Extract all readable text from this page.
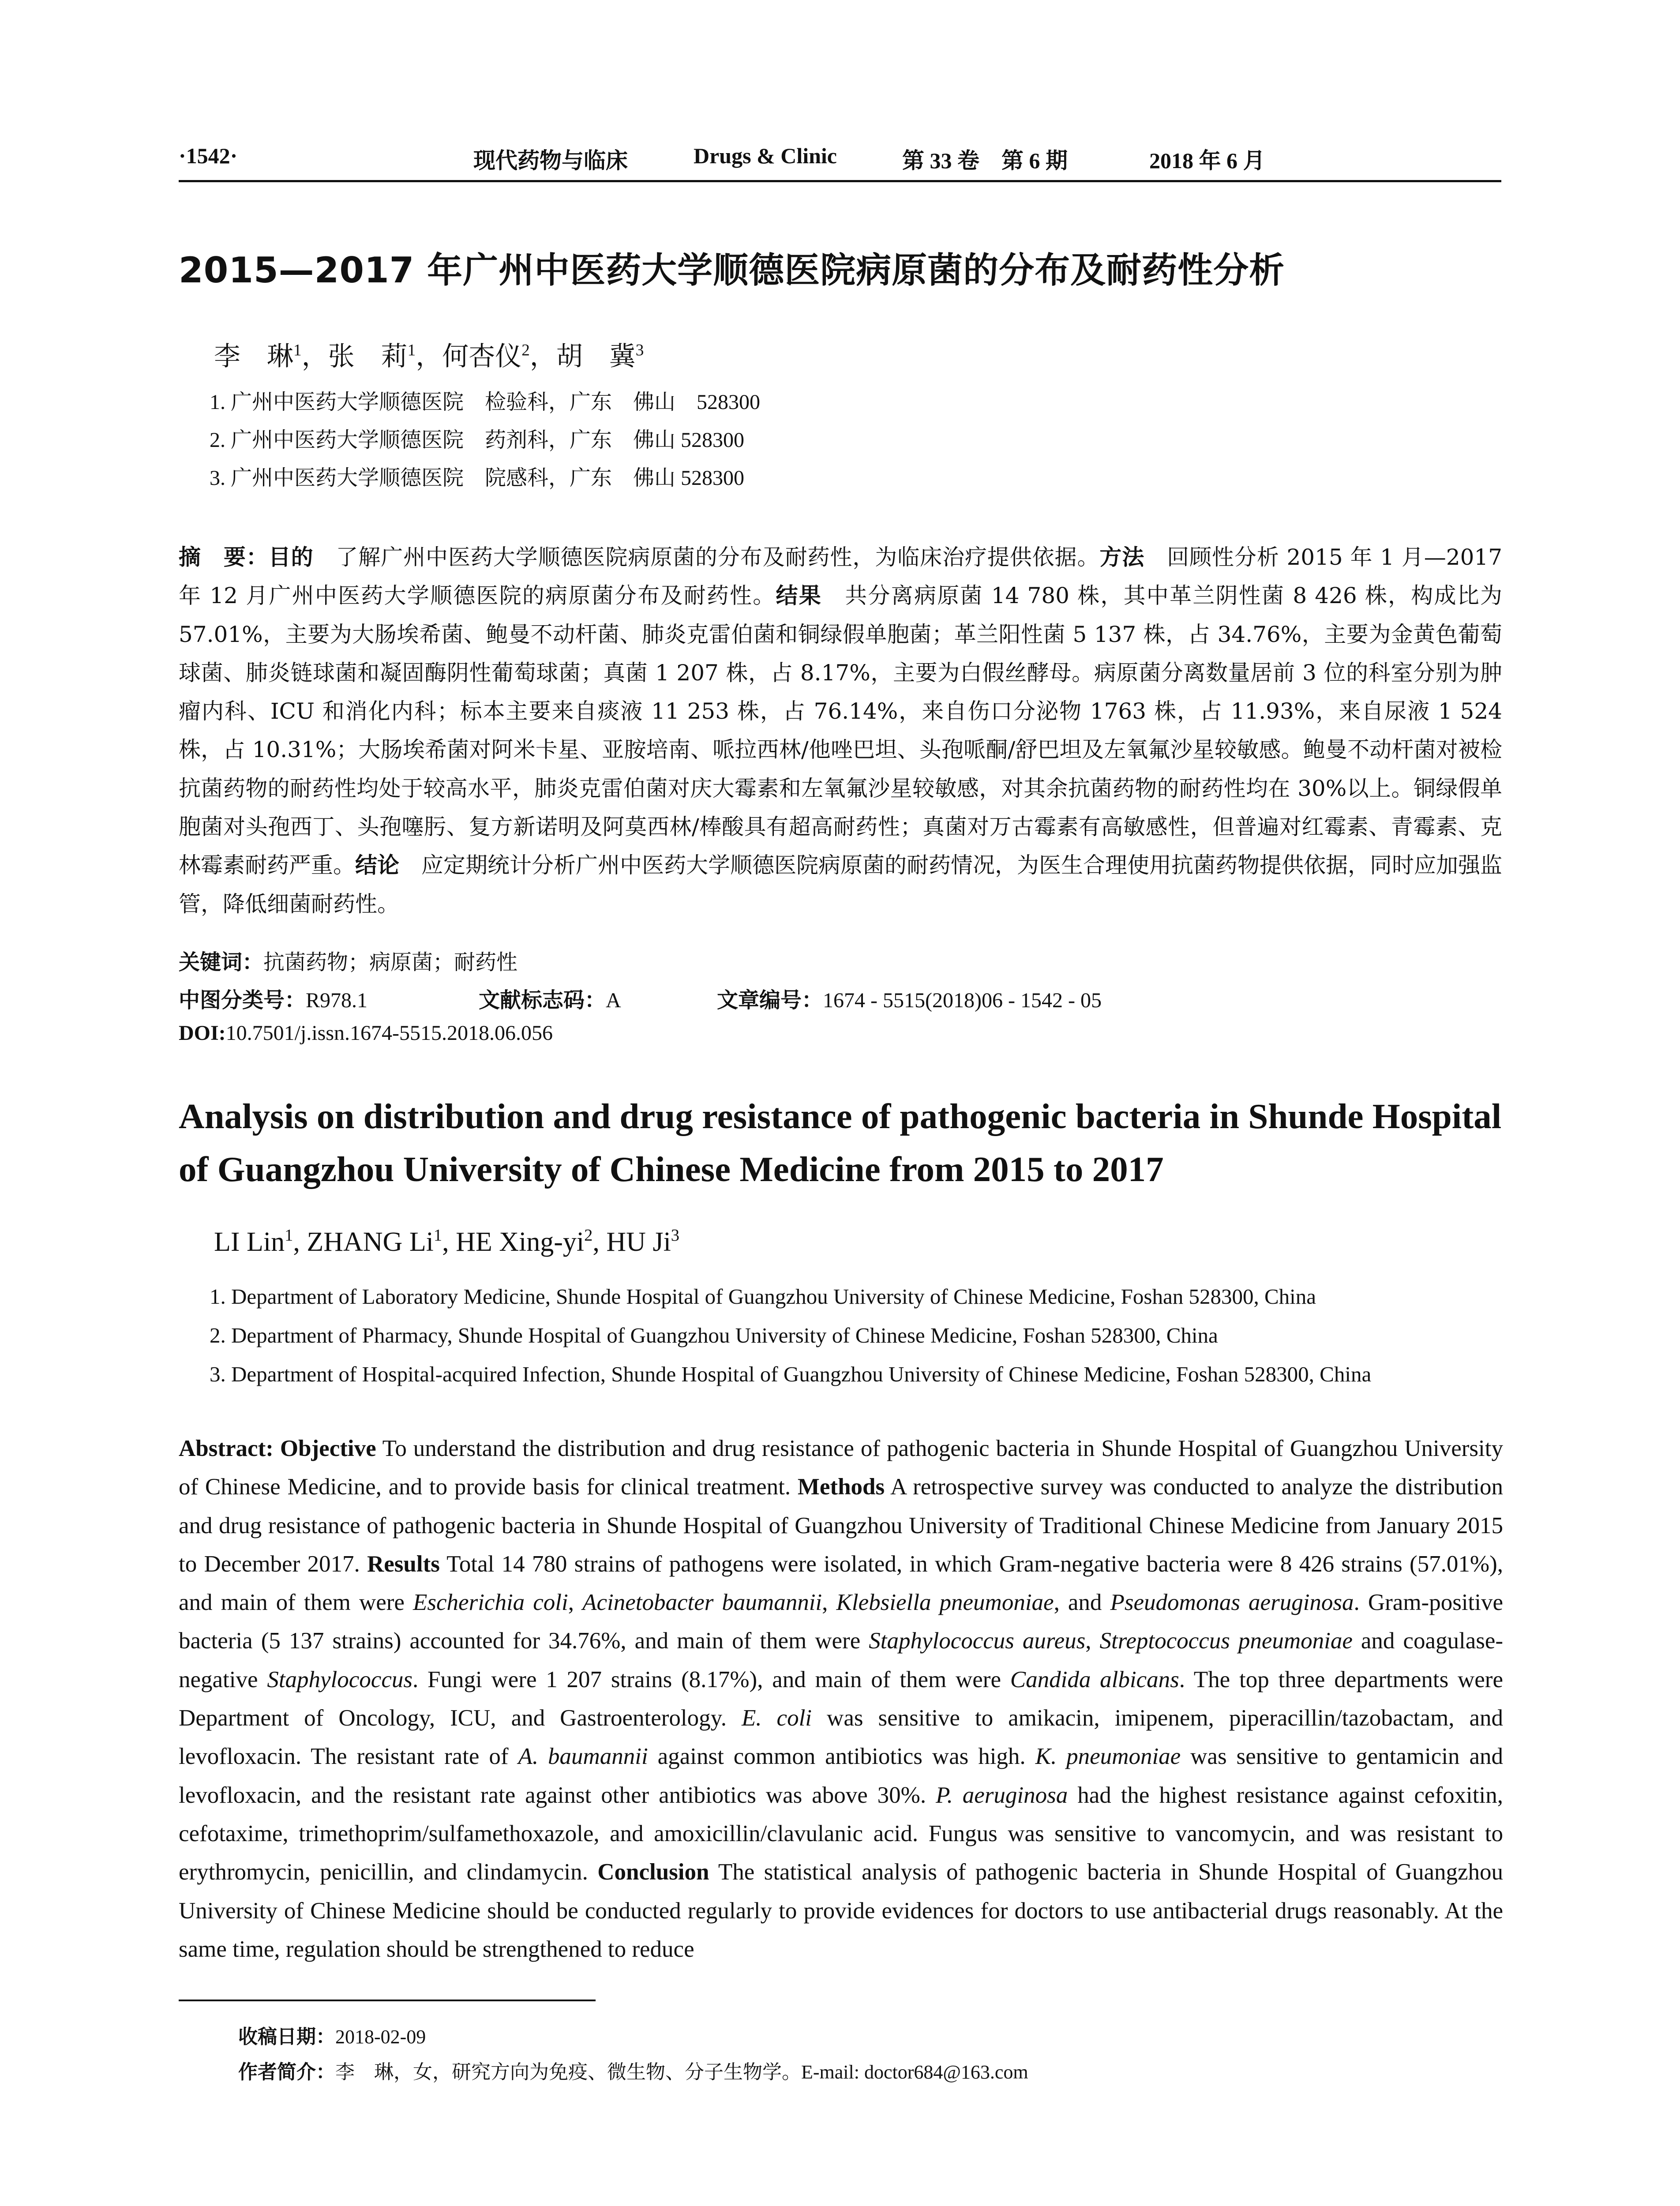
·1542·	现代药物与临床	Drugs & Clinic	第 33 卷　第 6 期	2018 年 6 月
2015—2017 年广州中医药大学顺德医院病原菌的分布及耐药性分析
李　琳$^1$，张　莉$^1$，何杏仪$^2$，胡　冀$^3$
1. 广州中医药大学顺德医院　检验科，广东　佛山　528300
2. 广州中医药大学顺德医院　药剂科，广东　佛山 528300
3. 广州中医药大学顺德医院　院感科，广东　佛山 528300
摘　要：目的　了解广州中医药大学顺德医院病原菌的分布及耐药性，为临床治疗提供依据。方法　回顾性分析 2015 年 1 月—2017 年 12 月广州中医药大学顺德医院的病原菌分布及耐药性。结果　共分离病原菌 14 780 株，其中革兰阴性菌 8 426 株，构成比为 57.01%，主要为大肠埃希菌、鲍曼不动杆菌、肺炎克雷伯菌和铜绿假单胞菌；革兰阳性菌 5 137 株，占 34.76%，主要为金黄色葡萄球菌、肺炎链球菌和凝固酶阴性葡萄球菌；真菌 1 207 株，占 8.17%，主要为白假丝酵母。病原菌分离数量居前 3 位的科室分别为肿瘤内科、ICU 和消化内科；标本主要来自痰液 11 253 株，占 76.14%，来自伤口分泌物 1763 株，占 11.93%，来自尿液 1 524 株，占 10.31%；大肠埃希菌对阿米卡星、亚胺培南、哌拉西林/他唑巴坦、头孢哌酮/舒巴坦及左氧氟沙星较敏感。鲍曼不动杆菌对被检抗菌药物的耐药性均处于较高水平，肺炎克雷伯菌对庆大霉素和左氧氟沙星较敏感，对其余抗菌药物的耐药性均在 30%以上。铜绿假单胞菌对头孢西丁、头孢噻肟、复方新诺明及阿莫西林/棒酸具有超高耐药性；真菌对万古霉素有高敏感性，但普遍对红霉素、青霉素、克林霉素耐药严重。结论　应定期统计分析广州中医药大学顺德医院病原菌的耐药情况，为医生合理使用抗菌药物提供依据，同时应加强监管，降低细菌耐药性。
关键词：抗菌药物；病原菌；耐药性
中图分类号：R978.1	文献标志码：A	文章编号：1674 - 5515(2018)06 - 1542 - 05
DOI:10.7501/j.issn.1674-5515.2018.06.056
Analysis on distribution and drug resistance of pathogenic bacteria in Shunde Hospital of Guangzhou University of Chinese Medicine from 2015 to 2017
LI Lin$^1$, ZHANG Li$^1$, HE Xing-$yi^2$, HU Ji$^3$
1. Department of Laboratory Medicine, Shunde Hospital of Guangzhou University of Chinese Medicine, Foshan 528300, China
2. Department of Pharmacy, Shunde Hospital of Guangzhou University of Chinese Medicine, Foshan 528300, China
3. Department of Hospital-acquired Infection, Shunde Hospital of Guangzhou University of Chinese Medicine, Foshan 528300, China
Abstract: Objective To understand the distribution and drug resistance of pathogenic bacteria in Shunde Hospital of Guangzhou University of Chinese Medicine, and to provide basis for clinical treatment. Methods A retrospective survey was conducted to analyze the distribution and drug resistance of pathogenic bacteria in Shunde Hospital of Guangzhou University of Traditional Chinese Medicine from January 2015 to December 2017. Results Total 14 780 strains of pathogens were isolated, in which Gram-negative bacteria were 8 426 strains (57.01%), and main of them were Escherichia coli, Acinetobacter baumannii, Klebsiella pneumoniae, and Pseudomonas aeruginosa. Gram-positive bacteria (5 137 strains) accounted for 34.76%, and main of them were Staphylococcus aureus, Streptococcus pneumoniae and coagulase-negative Staphylococcus. Fungi were 1 207 strains (8.17%), and main of them were Candida albicans. The top three departments were Department of Oncology, ICU, and Gastroenterology. E. coli was sensitive to amikacin, imipenem, piperacillin/tazobactam, and levofloxacin. The resistant rate of A. baumannii against common antibiotics was high. K. pneumoniae was sensitive to gentamicin and levofloxacin, and the resistant rate against other antibiotics was above 30%. P. aeruginosa had the highest resistance against cefoxitin, cefotaxime, trimethoprim/sulfamethoxazole, and amoxicillin/clavulanic acid. Fungus was sensitive to vancomycin, and was resistant to erythromycin, penicillin, and clindamycin. Conclusion The statistical analysis of pathogenic bacteria in Shunde Hospital of Guangzhou University of Chinese Medicine should be conducted regularly to provide evidences for doctors to use antibacterial drugs reasonably. At the same time, regulation should be strengthened to reduce
收稿日期：2018-02-09
作者简介：李　琳，女，研究方向为免疫、微生物、分子生物学。E-mail: doctor684@163.com
